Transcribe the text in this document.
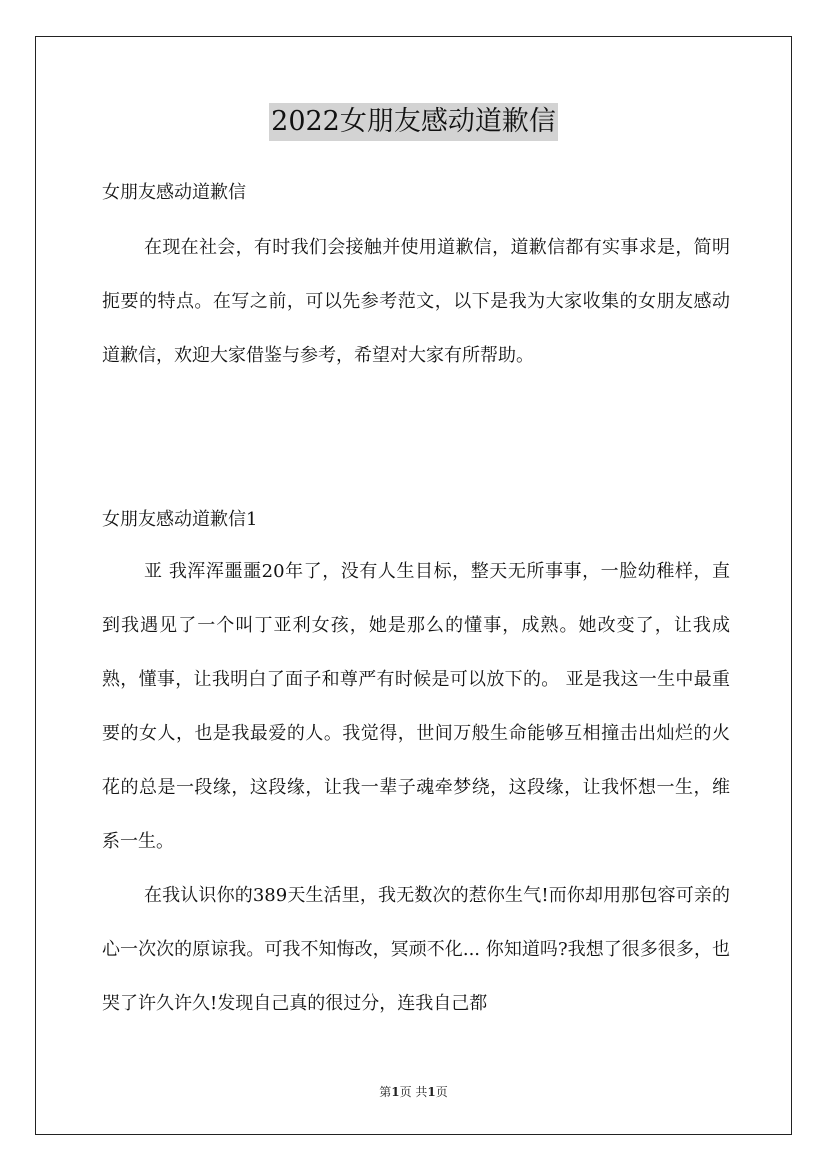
2022女朋友感动道歉信
女朋友感动道歉信

在现在社会，有时我们会接触并使用道歉信，道歉信都有实事求是，简明扼要的特点。在写之前，可以先参考范文，以下是我为大家收集的女朋友感动道歉信，欢迎大家借鉴与参考，希望对大家有所帮助。

女朋友感动道歉信1

亚 我浑浑噩噩20年了，没有人生目标，整天无所事事，一脸幼稚样，直到我遇见了一个叫丁亚利女孩，她是那么的懂事，成熟。她改变了，让我成熟，懂事，让我明白了面子和尊严有时候是可以放下的。 亚是我这一生中最重要的女人，也是我最爱的人。我觉得，世间万般生命能够互相撞击出灿烂的火花的总是一段缘，这段缘，让我一辈子魂牵梦绕，这段缘，让我怀想一生，维系一生。

在我认识你的389天生活里，我无数次的惹你生气!而你却用那包容可亲的心一次次的原谅我。可我不知悔改，冥顽不化... 你知道吗?我想了很多很多，也哭了许久许久!发现自己真的很过分，连我自己都

第1页 共1页
